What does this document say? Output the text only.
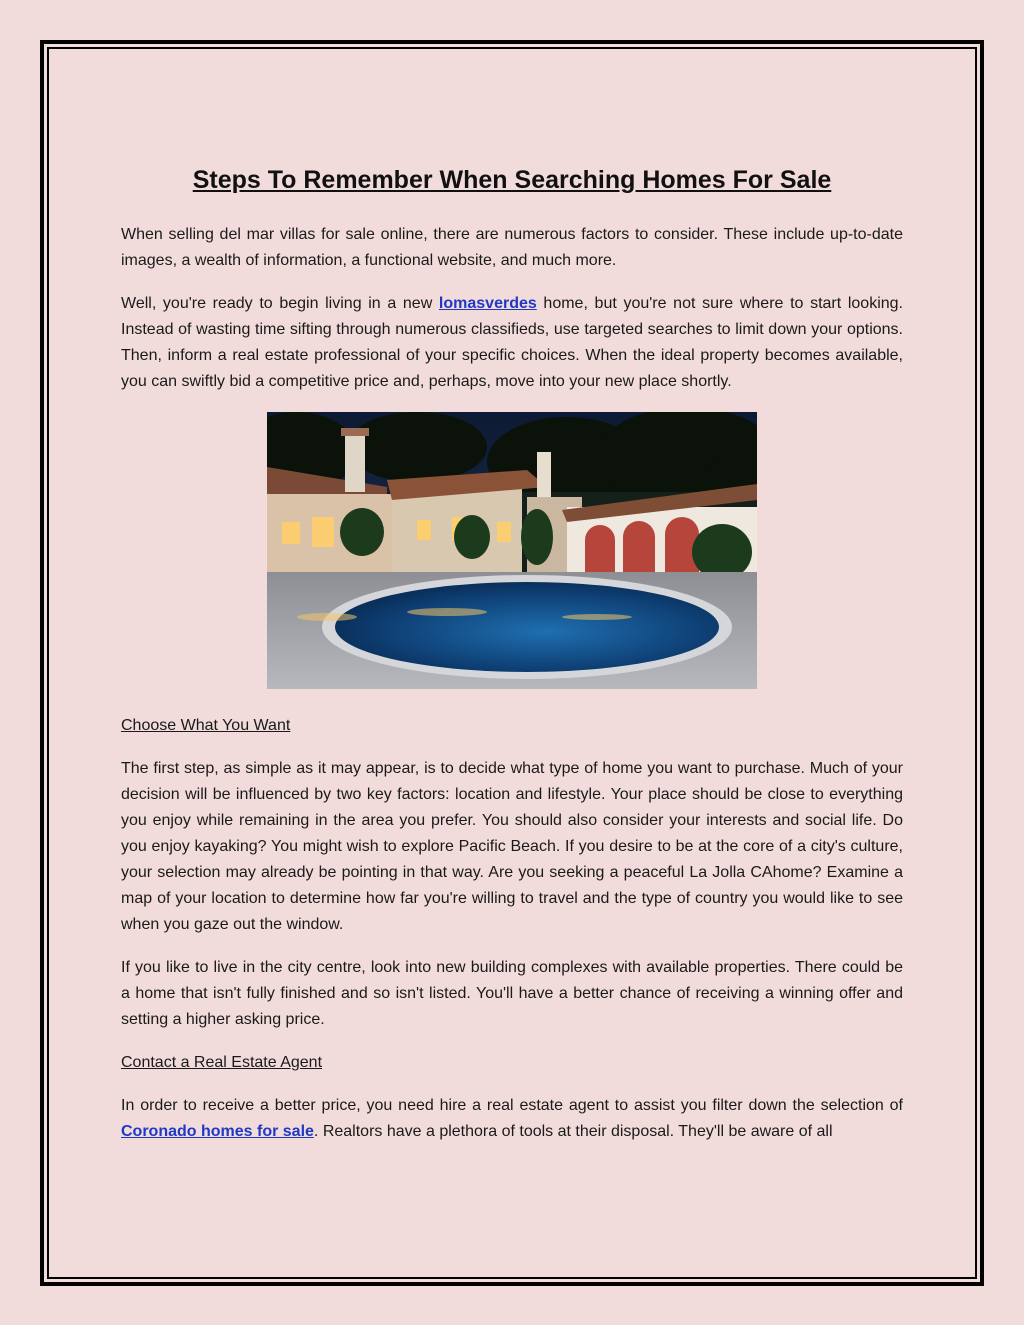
Steps To Remember When Searching Homes For Sale

When selling del mar villas for sale online, there are numerous factors to consider. These include up-to-date images, a wealth of information, a functional website, and much more.

Well, you're ready to begin living in a new lomasverdes home, but you're not sure where to start looking. Instead of wasting time sifting through numerous classifieds, use targeted searches to limit down your options. Then, inform a real estate professional of your specific choices. When the ideal property becomes available, you can swiftly bid a competitive price and, perhaps, move into your new place shortly.

Choose What You Want

The first step, as simple as it may appear, is to decide what type of home you want to purchase. Much of your decision will be influenced by two key factors: location and lifestyle. Your place should be close to everything you enjoy while remaining in the area you prefer. You should also consider your interests and social life. Do you enjoy kayaking? You might wish to explore Pacific Beach. If you desire to be at the core of a city's culture, your selection may already be pointing in that way. Are you seeking a peaceful La Jolla CAhome? Examine a map of your location to determine how far you're willing to travel and the type of country you would like to see when you gaze out the window.

If you like to live in the city centre, look into new building complexes with available properties. There could be a home that isn't fully finished and so isn't listed. You'll have a better chance of receiving a winning offer and setting a higher asking price.

Contact a Real Estate Agent

In order to receive a better price, you need hire a real estate agent to assist you filter down the selection of Coronado homes for sale. Realtors have a plethora of tools at their disposal. They'll be aware of all
